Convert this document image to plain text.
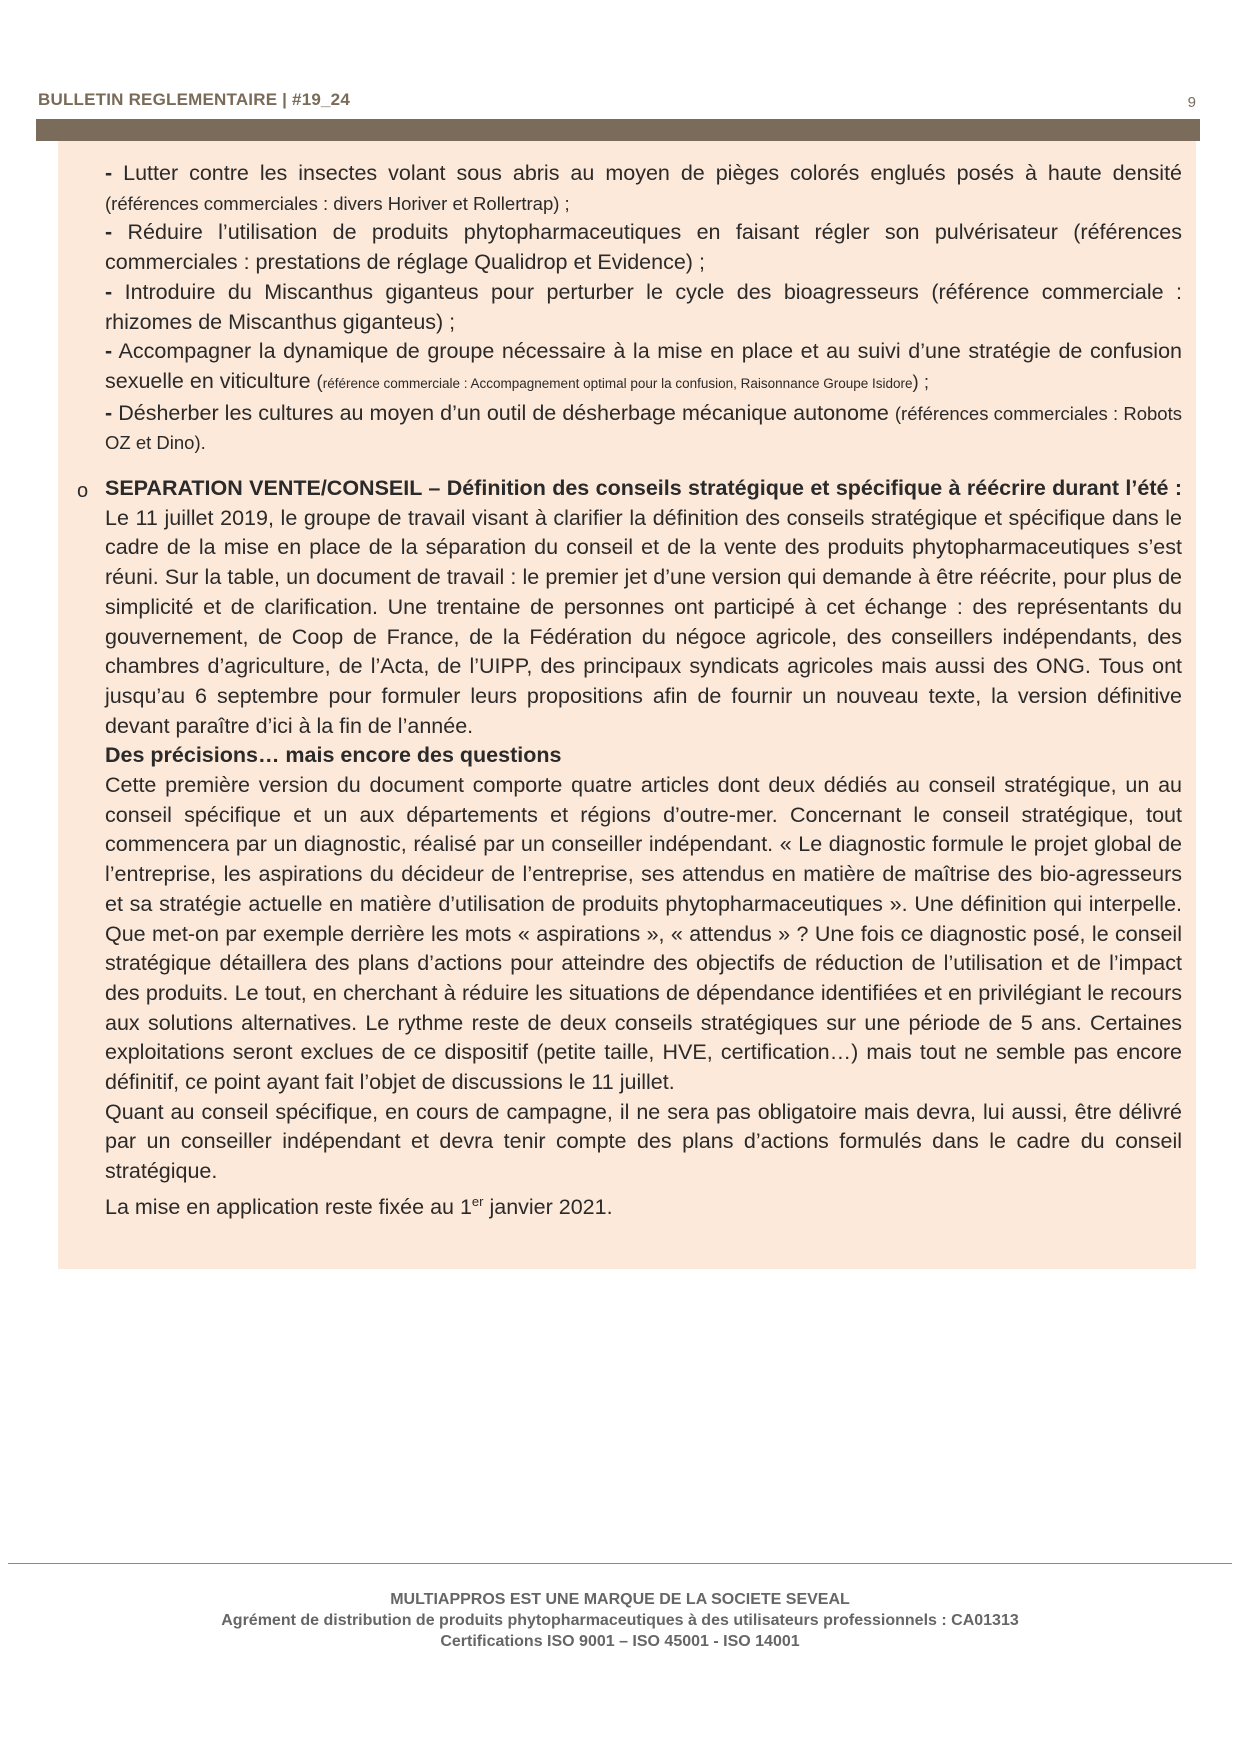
BULLETIN REGLEMENTAIRE | #19_24	9

- Lutter contre les insectes volant sous abris au moyen de pièges colorés englués posés à haute densité (références commerciales : divers Horiver et Rollertrap) ;

- Réduire l’utilisation de produits phytopharmaceutiques en faisant régler son pulvérisateur (références commerciales : prestations de réglage Qualidrop et Evidence) ;

- Introduire du Miscanthus giganteus pour perturber le cycle des bioagresseurs (référence commerciale : rhizomes de Miscanthus giganteus) ;

- Accompagner la dynamique de groupe nécessaire à la mise en place et au suivi d’une stratégie de confusion sexuelle en viticulture (référence commerciale : Accompagnement optimal pour la confusion, Raisonnance Groupe Isidore) ;

- Désherber les cultures au moyen d’un outil de désherbage mécanique autonome (références commerciales : Robots OZ et Dino).

o SEPARATION VENTE/CONSEIL – Définition des conseils stratégique et spécifique à réécrire durant l’été : Le 11 juillet 2019, le groupe de travail visant à clarifier la définition des conseils stratégique et spécifique dans le cadre de la mise en place de la séparation du conseil et de la vente des produits phytopharmaceutiques s’est réuni. Sur la table, un document de travail : le premier jet d’une version qui demande à être réécrite, pour plus de simplicité et de clarification. Une trentaine de personnes ont participé à cet échange : des représentants du gouvernement, de Coop de France, de la Fédération du négoce agricole, des conseillers indépendants, des chambres d’agriculture, de l’Acta, de l’UIPP, des principaux syndicats agricoles mais aussi des ONG. Tous ont jusqu’au 6 septembre pour formuler leurs propositions afin de fournir un nouveau texte, la version définitive devant paraître d’ici à la fin de l’année.

Des précisions… mais encore des questions

Cette première version du document comporte quatre articles dont deux dédiés au conseil stratégique, un au conseil spécifique et un aux départements et régions d’outre-mer. Concernant le conseil stratégique, tout commencera par un diagnostic, réalisé par un conseiller indépendant. « Le diagnostic formule le projet global de l’entreprise, les aspirations du décideur de l’entreprise, ses attendus en matière de maîtrise des bio-agresseurs et sa stratégie actuelle en matière d’utilisation de produits phytopharmaceutiques ». Une définition qui interpelle. Que met-on par exemple derrière les mots « aspirations », « attendus » ? Une fois ce diagnostic posé, le conseil stratégique détaillera des plans d’actions pour atteindre des objectifs de réduction de l’utilisation et de l’impact des produits. Le tout, en cherchant à réduire les situations de dépendance identifiées et en privilégiant le recours aux solutions alternatives. Le rythme reste de deux conseils stratégiques sur une période de 5 ans. Certaines exploitations seront exclues de ce dispositif (petite taille, HVE, certification…) mais tout ne semble pas encore définitif, ce point ayant fait l’objet de discussions le 11 juillet.

Quant au conseil spécifique, en cours de campagne, il ne sera pas obligatoire mais devra, lui aussi, être délivré par un conseiller indépendant et devra tenir compte des plans d’actions formulés dans le cadre du conseil stratégique.

La mise en application reste fixée au 1er janvier 2021.

MULTIAPPROS EST UNE MARQUE DE LA SOCIETE SEVEAL
Agrément de distribution de produits phytopharmaceutiques à des utilisateurs professionnels : CA01313
Certifications ISO 9001 – ISO 45001 - ISO 14001
